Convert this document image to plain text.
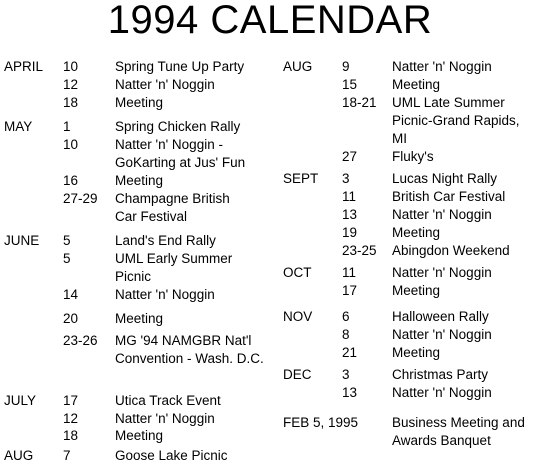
1994 CALENDAR
APRIL 10	Spring Tune Up Party
12	Natter 'n' Noggin
18	Meeting
MAY 1	Spring Chicken Rally
10	Natter 'n' Noggin - GoKarting at Jus' Fun
16	Meeting
27-29 Champagne British Car Festival
JUNE 5	Land's End Rally
5	UML Early Summer Picnic
14	Natter 'n' Noggin
20	Meeting
23-26 MG '94 NAMGBR Nat'l Convention - Wash. D.C.
JULY 17	Utica Track Event
12	Natter 'n' Noggin
18	Meeting
AUG 7	Goose Lake Picnic
AUG 9	Natter 'n' Noggin
15	Meeting
18-21 UML Late Summer Picnic-Grand Rapids, MI
27	Fluky's
SEPT 3	Lucas Night Rally
11	British Car Festival
13	Natter 'n' Noggin
19	Meeting
23-25 Abingdon Weekend
OCT 11	Natter 'n' Noggin
17	Meeting
NOV 6	Halloween Rally
8	Natter 'n' Noggin
21	Meeting
DEC 3	Christmas Party
13	Natter 'n' Noggin
FEB 5, 1995	Business Meeting and Awards Banquet
